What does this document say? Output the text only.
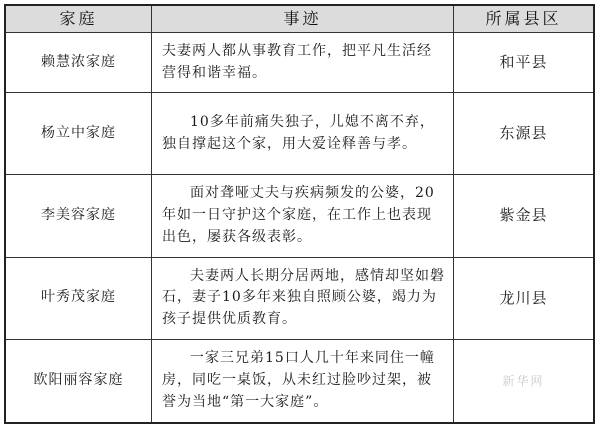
家庭	事迹	所属县区
赖慧浓家庭
夫妻两人都从事教育工作，把平凡生活经营得和谐幸福。
和平县
杨立中家庭
10多年前痛失独子，儿媳不离不弃，独自撑起这个家，用大爱诠释善与孝。
东源县
李美容家庭
面对聋哑丈夫与疾病频发的公婆，20年如一日守护这个家庭，在工作上也表现出色，屡获各级表彰。
紫金县
叶秀茂家庭
夫妻两人长期分居两地，感情却坚如磐石，妻子10多年来独自照顾公婆，竭力为孩子提供优质教育。
龙川县
欧阳丽容家庭
一家三兄弟15口人几十年来同住一幢房，同吃一桌饭，从未红过脸吵过架，被誉为当地“第一大家庭”。
新华网
